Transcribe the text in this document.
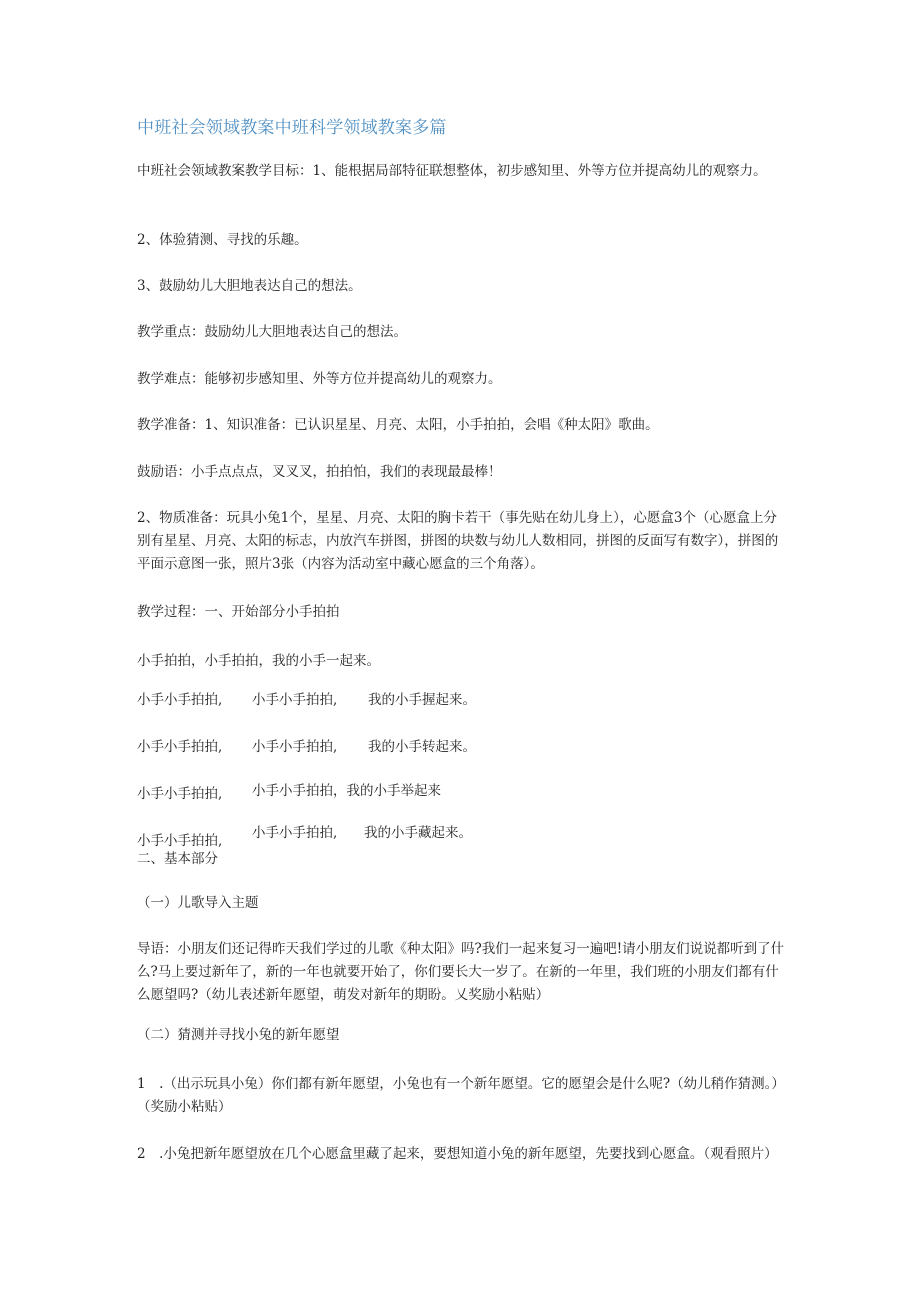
中班社会领域教案中班科学领域教案多篇

中班社会领域教案教学目标：1、能根据局部特征联想整体，初步感知里、外等方位并提高幼儿的观察力。

2、体验猜测、寻找的乐趣。

3、鼓励幼儿大胆地表达自己的想法。

教学重点：鼓励幼儿大胆地表达自己的想法。

教学难点：能够初步感知里、外等方位并提高幼儿的观察力。

教学准备：1、知识准备：已认识星星、月亮、太阳，小手拍拍，会唱《种太阳》歌曲。

鼓励语：小手点点点，叉叉叉，拍拍怕，我们的表现最最棒！

2、物质准备：玩具小兔1个，星星、月亮、太阳的胸卡若干（事先贴在幼儿身上），心愿盒3个（心愿盒上分别有星星、月亮、太阳的标志，内放汽车拼图，拼图的块数与幼儿人数相同，拼图的反面写有数字），拼图的平面示意图一张，照片3张（内容为活动室中藏心愿盒的三个角落）。

教学过程：一、开始部分小手拍拍

小手拍拍，小手拍拍，我的小手一起来。

小手小手拍拍, 小手小手拍拍, 我的小手握起来。
小手小手拍拍, 小手小手拍拍, 我的小手转起来。
小手小手拍拍, 小手小手拍拍，我的小手举起来
小手小手拍拍, 小手小手拍拍, 我的小手藏起来。

二、基本部分

（一）儿歌导入主题

导语：小朋友们还记得昨天我们学过的儿歌《种太阳》吗?我们一起来复习一遍吧!请小朋友们说说都听到了什么?马上要过新年了，新的一年也就要开始了，你们要长大一岁了。在新的一年里，我们班的小朋友们都有什么愿望吗?（幼儿表述新年愿望，萌发对新年的期盼。乂奖励小粘贴）

（二）猜测并寻找小兔的新年愿望

1　.（出示玩具小兔）你们都有新年愿望，小兔也有一个新年愿望。它的愿望会是什么呢?（幼儿稍作猜测。）（奖励小粘贴）

2　.小兔把新年愿望放在几个心愿盒里藏了起来，要想知道小兔的新年愿望，先要找到心愿盒。（观看照片）
